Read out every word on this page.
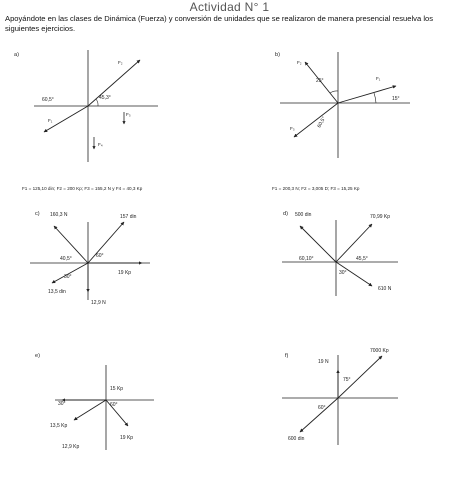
Actividad N° 1
Apoyándote en las clases de Dinámica (Fuerza) y conversión de unidades que se realizaron de manera presencial resuelva los siguientes ejercicios.
a)
45,3°
60,5°
F₂
F₁
F₃
F₄
F1 = 125,10 din; F2 = 200 Kp; F3 = 155,2 N y F4 = 40,3 Kp
b)
25°
15°
60,5°
F₂
F₁
F₃
F1 = 200,3 N; F2 = 3,005 D; F3 = 15,25 Kp
c) 160,3 N	157 din
19 Kp
13,5 din
12,9 N
40,5°	60°
30°
d) 500 din	70,99 Kp
610 N
60,10°	45,5°
30°
e)
15 Kp
13,5 Kp
19 Kp
12,9 Kp
30°	60°
f)
19 N
7000 Kp
600 din
75°
60°
